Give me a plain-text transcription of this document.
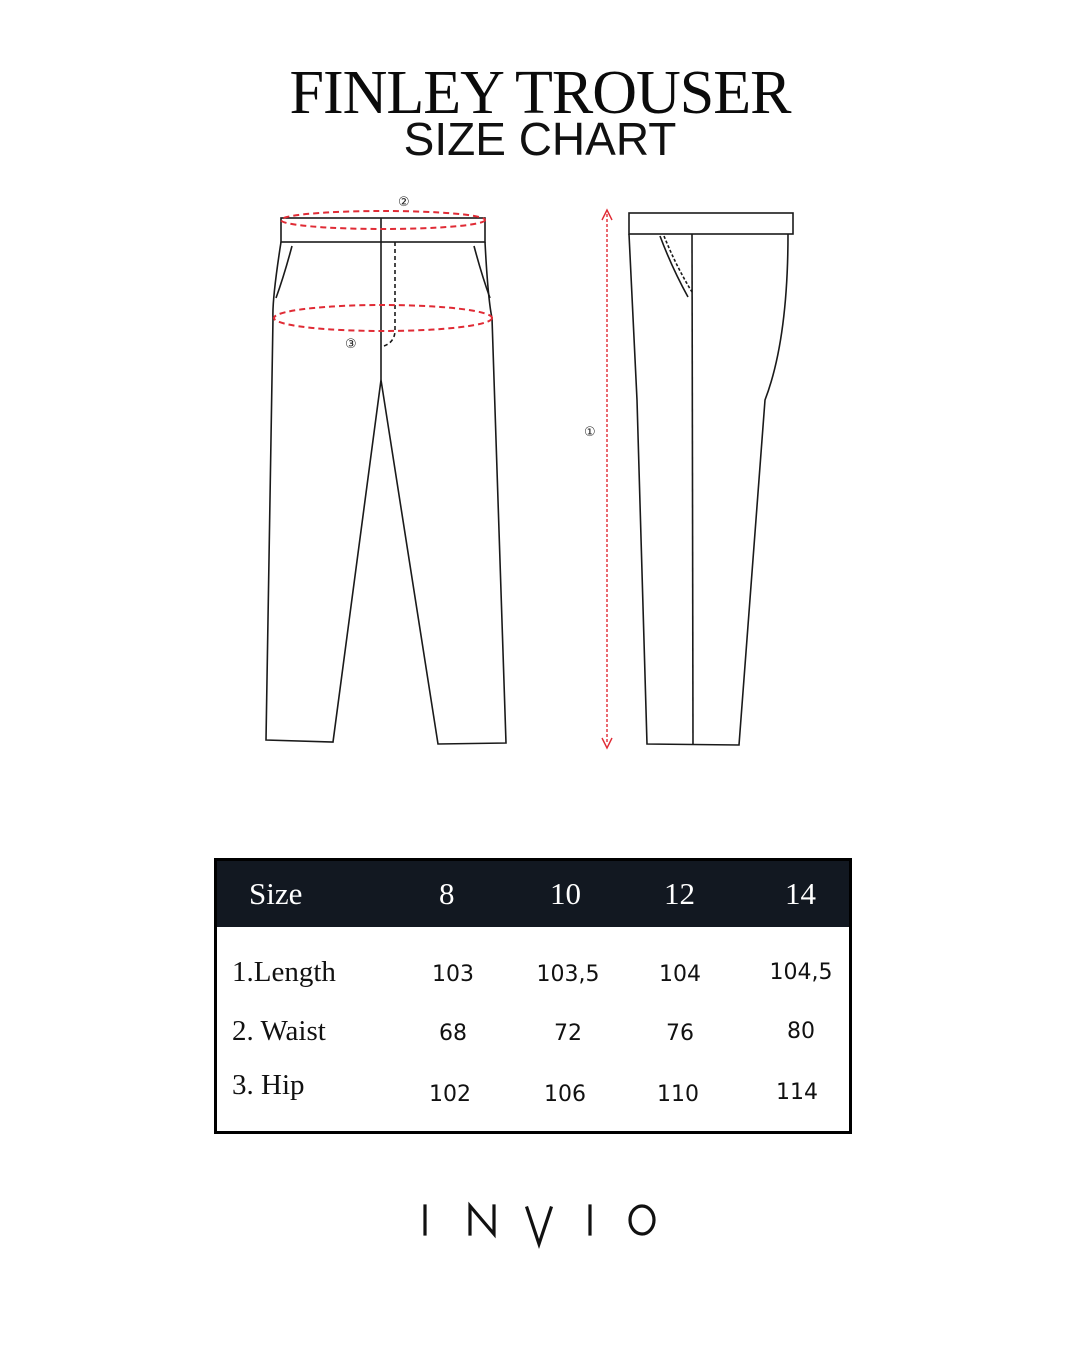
FINLEY TROUSER
SIZE CHART
②
③
①
Size	8	10	12	14
1.Length	103	103,5	104	104,5
2. Waist	68	72	76	80
3. Hip	102	106	110	114
